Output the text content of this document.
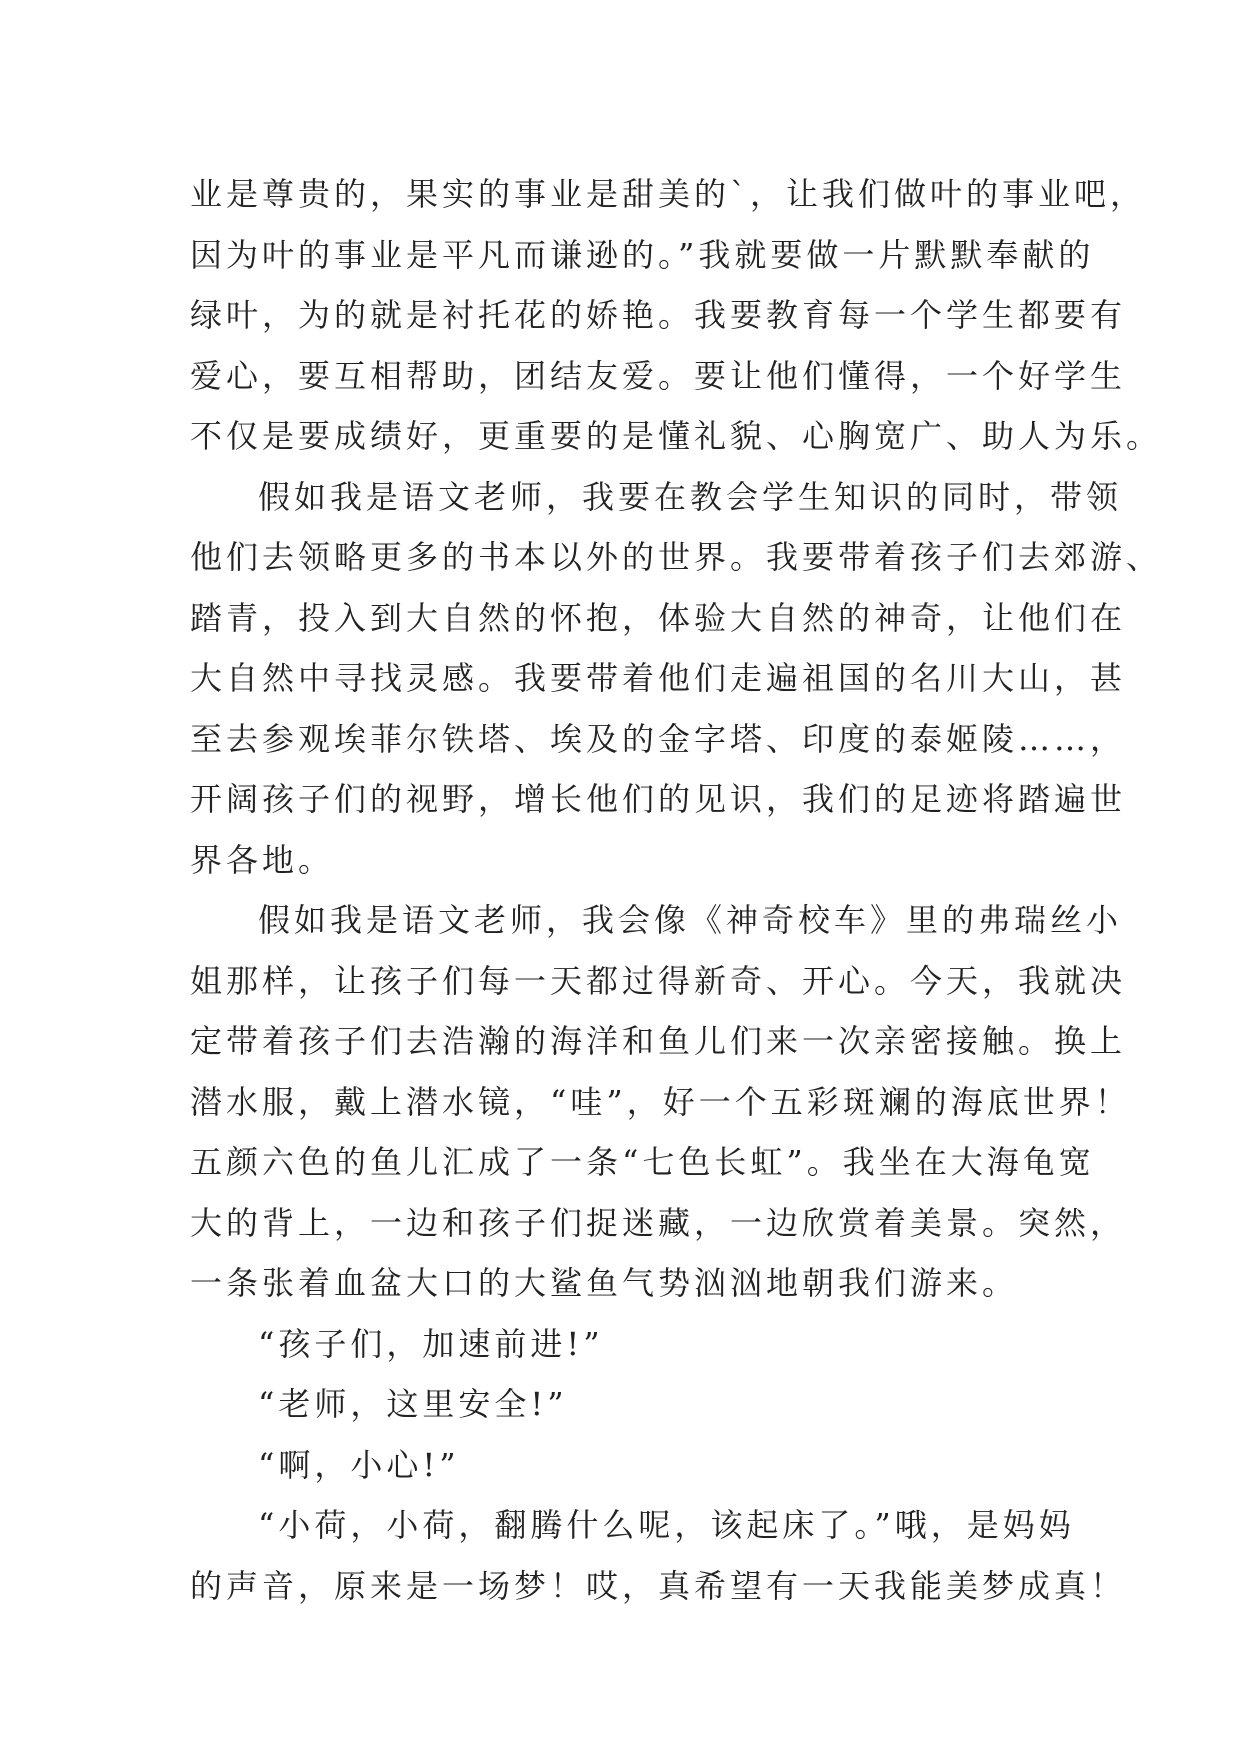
业是尊贵的，果实的事业是甜美的`，让我们做叶的事业吧，
因为叶的事业是平凡而谦逊的。”我就要做一片默默奉献的
绿叶，为的就是衬托花的娇艳。我要教育每一个学生都要有
爱心，要互相帮助，团结友爱。要让他们懂得，一个好学生
不仅是要成绩好，更重要的是懂礼貌、心胸宽广、助人为乐。

假如我是语文老师，我要在教会学生知识的同时，带领
他们去领略更多的书本以外的世界。我要带着孩子们去郊游、
踏青，投入到大自然的怀抱，体验大自然的神奇，让他们在
大自然中寻找灵感。我要带着他们走遍祖国的名川大山，甚
至去参观埃菲尔铁塔、埃及的金字塔、印度的泰姬陵……，
开阔孩子们的视野，增长他们的见识，我们的足迹将踏遍世
界各地。

假如我是语文老师，我会像《神奇校车》里的弗瑞丝小
姐那样，让孩子们每一天都过得新奇、开心。今天，我就决
定带着孩子们去浩瀚的海洋和鱼儿们来一次亲密接触。换上
潜水服，戴上潜水镜，“哇”，好一个五彩斑斓的海底世界！
五颜六色的鱼儿汇成了一条“七色长虹”。我坐在大海龟宽
大的背上，一边和孩子们捉迷藏，一边欣赏着美景。突然，
一条张着血盆大口的大鲨鱼气势汹汹地朝我们游来。

“孩子们，加速前进!”

“老师，这里安全!”

“啊，小心!”

“小荷，小荷，翻腾什么呢，该起床了。”哦，是妈妈
的声音，原来是一场梦！哎，真希望有一天我能美梦成真！
